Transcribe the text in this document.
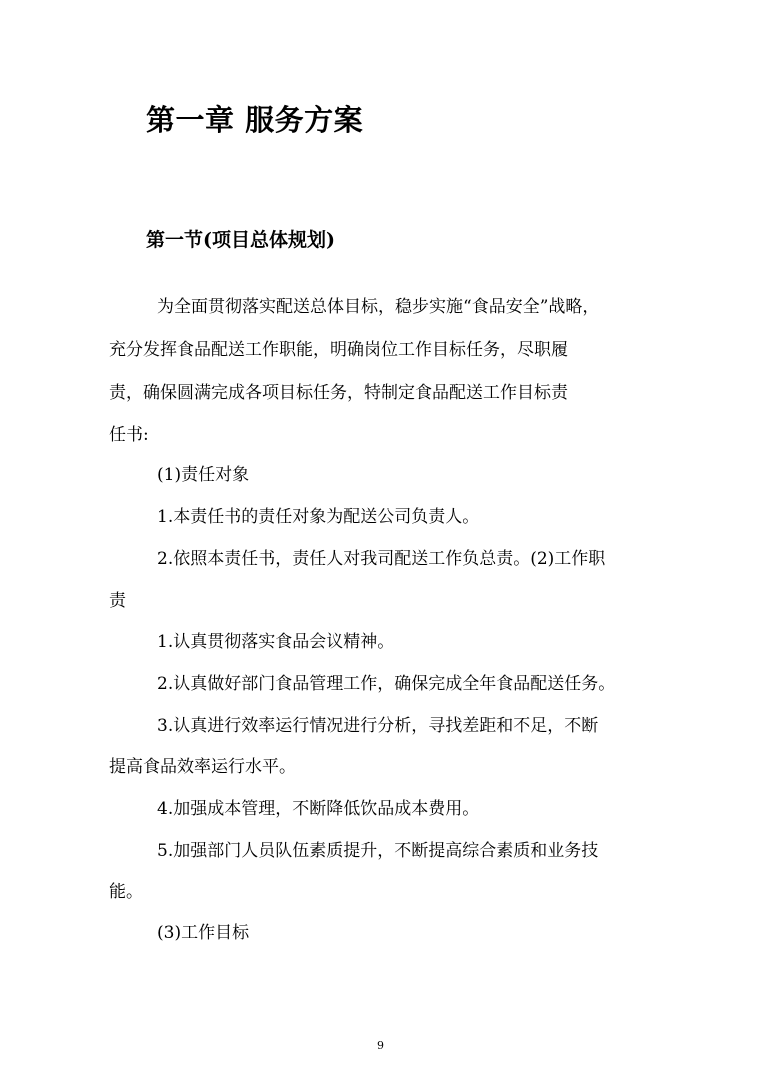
第一章 服务方案
第一节(项目总体规划)

为全面贯彻落实配送总体目标，稳步实施“食品安全”战略，

充分发挥食品配送工作职能，明确岗位工作目标任务，尽职履

责，确保圆满完成各项目标任务，特制定食品配送工作目标责

任书:

(1)责任对象

1.本责任书的责任对象为配送公司负责人。

2.依照本责任书，责任人对我司配送工作负总责。(2)工作职

责

1.认真贯彻落实食品会议精神。

2.认真做好部门食品管理工作，确保完成全年食品配送任务。

3.认真进行效率运行情况进行分析，寻找差距和不足，不断

提高食品效率运行水平。

4.加强成本管理，不断降低饮品成本费用。

5.加强部门人员队伍素质提升，不断提高综合素质和业务技

能。

(3)工作目标

9
